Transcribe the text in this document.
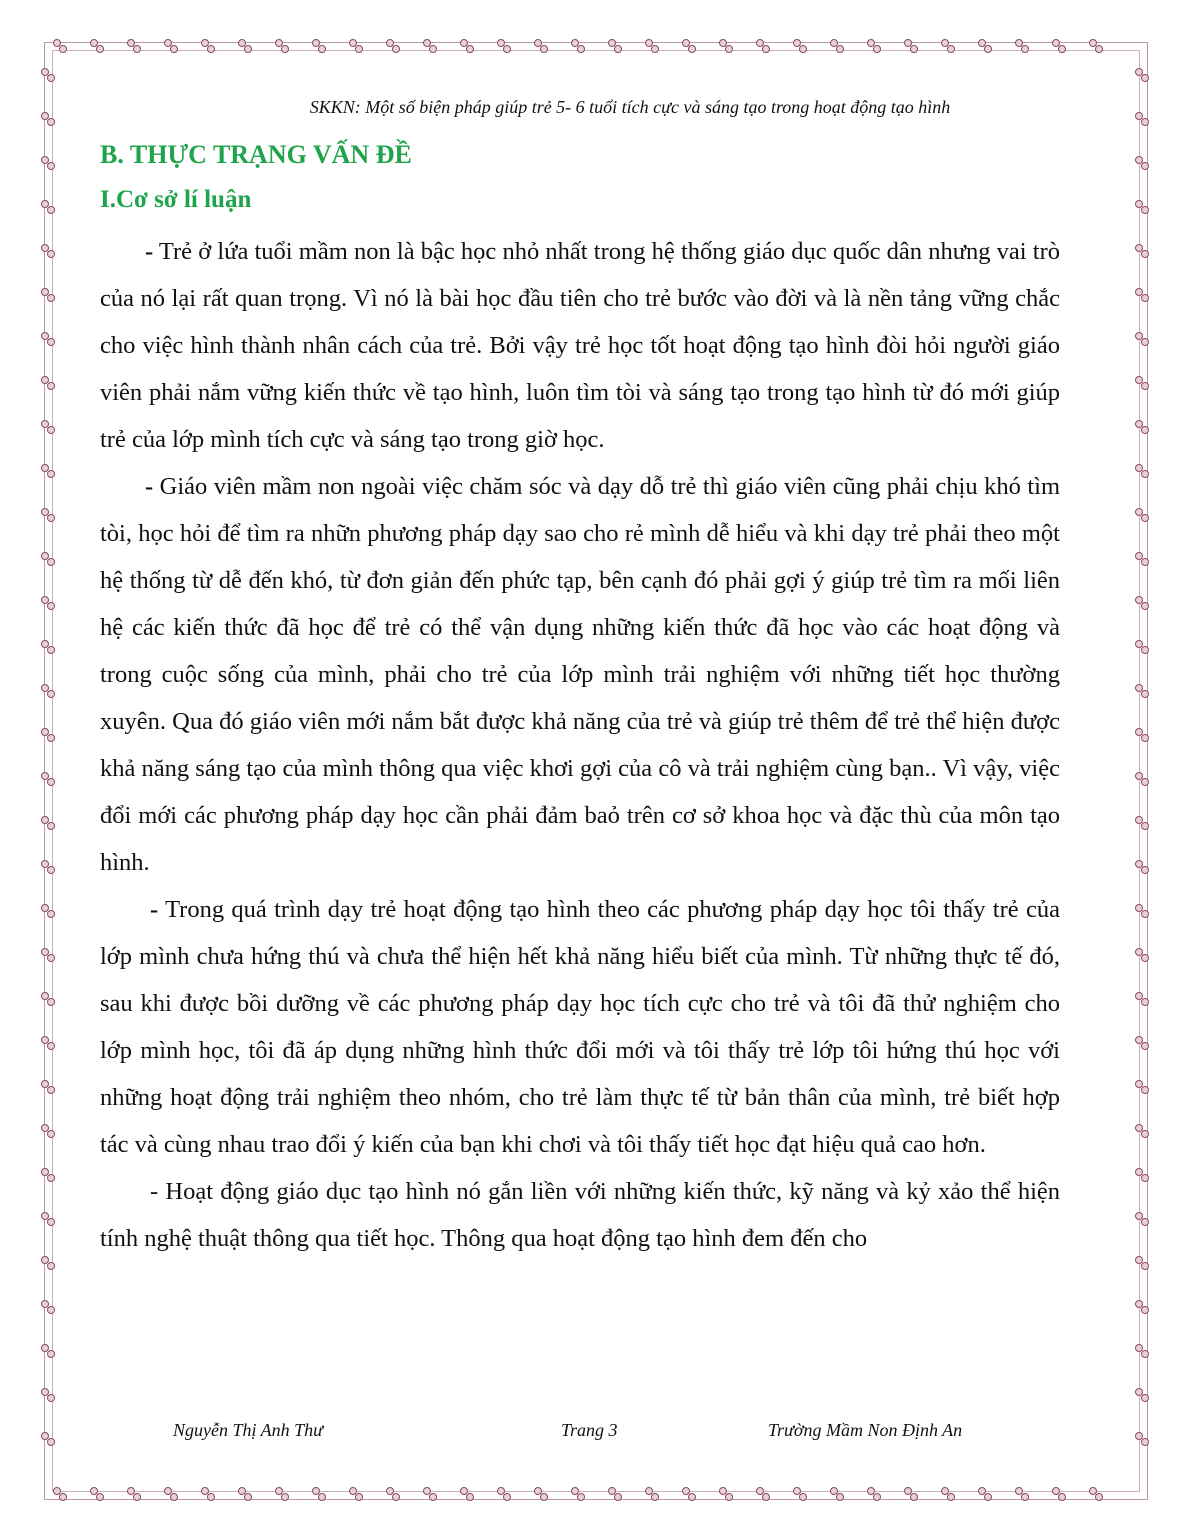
SKKN: Một số biện pháp giúp trẻ 5- 6 tuổi tích cực và sáng tạo trong hoạt động tạo hình
B. THỰC TRẠNG VẤN ĐỀ
I.Cơ sở lí luận

- Trẻ ở lứa tuổi mầm non là bậc học nhỏ nhất trong hệ thống giáo dục quốc dân nhưng vai trò của nó lại rất quan trọng. Vì nó là bài học đầu tiên cho trẻ bước vào đời và là nền tảng vững chắc cho việc hình thành nhân cách của trẻ. Bởi vậy trẻ học tốt hoạt động tạo hình đòi hỏi người giáo viên phải nắm vững kiến thức về tạo hình, luôn tìm tòi và sáng tạo trong tạo hình từ đó mới giúp trẻ của lớp mình tích cực và sáng tạo trong giờ học.

- Giáo viên mầm non ngoài việc chăm sóc và dạy dỗ trẻ thì giáo viên cũng phải chịu khó tìm tòi, học hỏi để tìm ra nhữn phương pháp dạy sao cho rẻ mình dễ hiểu và khi dạy trẻ phải theo một hệ thống từ dễ đến khó, từ đơn giản đến phức tạp, bên cạnh đó phải gợi ý giúp trẻ tìm ra mối liên hệ các kiến thức đã học để trẻ có thể vận dụng những kiến thức đã học vào các hoạt động và trong cuộc sống của mình, phải cho trẻ của lớp mình trải nghiệm với những tiết học thường xuyên. Qua đó giáo viên mới nắm bắt được khả năng của trẻ và giúp trẻ thêm để trẻ thể hiện được khả năng sáng tạo của mình thông qua việc khơi gợi của cô và trải nghiệm cùng bạn.. Vì vậy, việc đổi mới các phương pháp dạy học cần phải đảm baỏ trên cơ sở khoa học và đặc thù của môn tạo hình.

- Trong quá trình dạy trẻ hoạt động tạo hình theo các phương pháp dạy học tôi thấy trẻ của lớp mình chưa hứng thú và chưa thể hiện hết khả năng hiểu biết của mình. Từ những thực tế đó, sau khi được bồi dưỡng về các phương pháp dạy học tích cực cho trẻ và tôi đã thử nghiệm cho lớp mình học, tôi đã áp dụng những hình thức đổi mới và tôi thấy trẻ lớp tôi hứng thú học với những hoạt động trải nghiệm theo nhóm, cho trẻ làm thực tế từ bản thân của mình, trẻ biết hợp tác và cùng nhau trao đổi ý kiến của bạn khi chơi và tôi thấy tiết học đạt hiệu quả cao hơn.

- Hoạt động giáo dục tạo hình nó gắn liền với những kiến thức, kỹ năng và kỷ xảo thể hiện tính nghệ thuật thông qua tiết học. Thông qua hoạt động tạo hình đem đến cho

Nguyễn Thị Anh Thư	Trang 3	Trường Mầm Non Định An
